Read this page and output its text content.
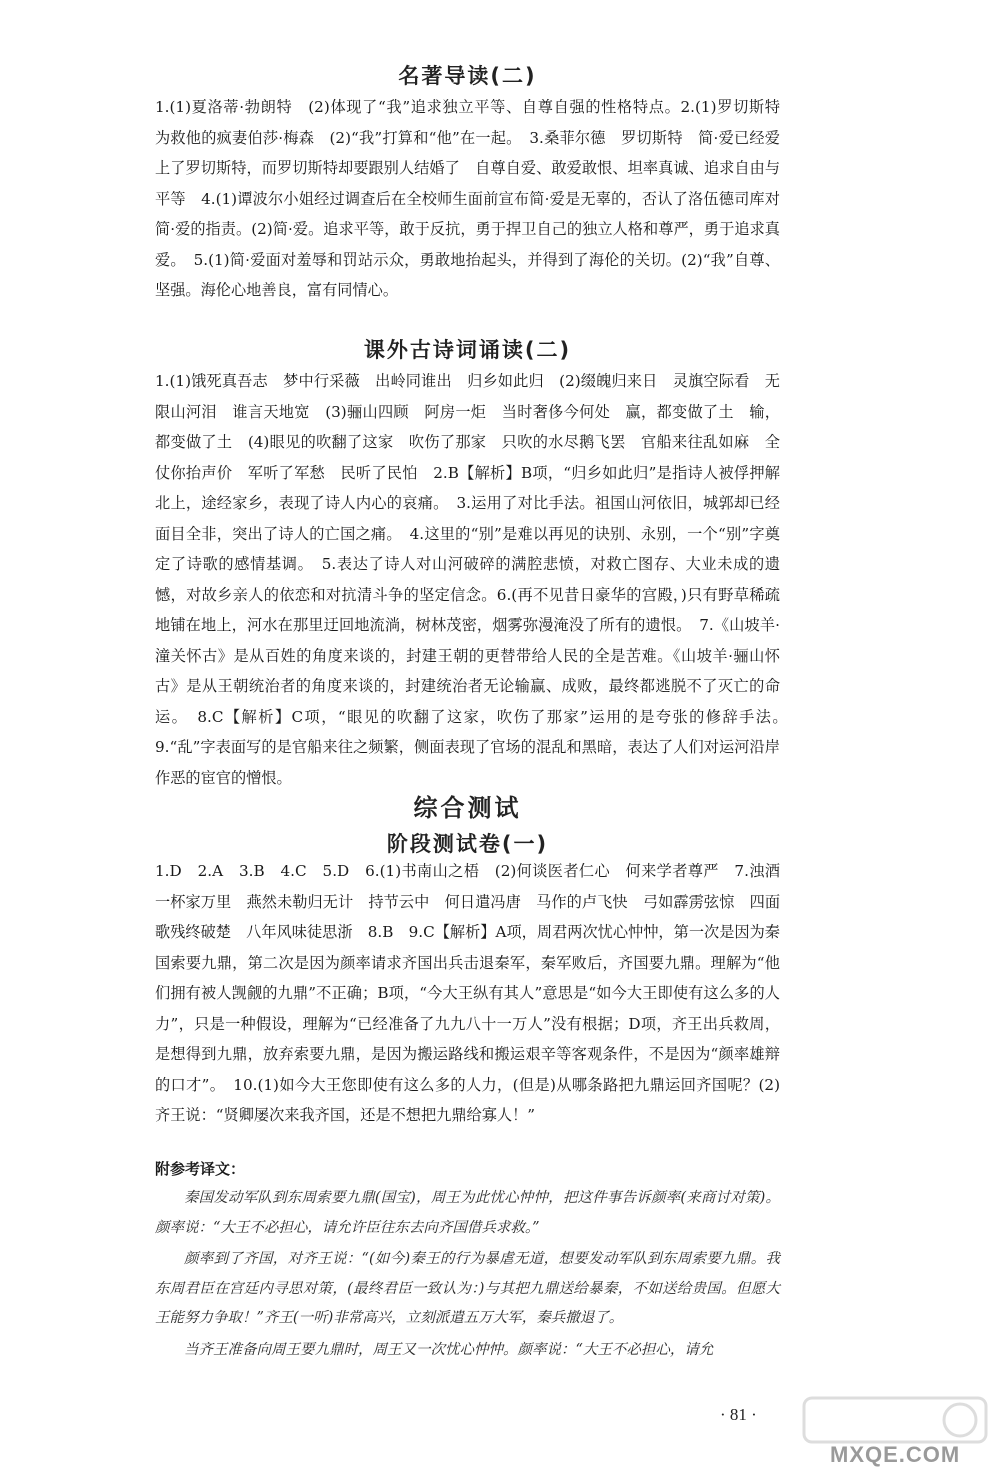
名著导读(二)

1.(1)夏洛蒂·勃朗特　(2)体现了“我”追求独立平等、自尊自强的性格特点。2.(1)罗切斯特　为救他的疯妻伯莎·梅森　(2)“我”打算和“他”在一起。　3.桑菲尔德　罗切斯特　简·爱已经爱上了罗切斯特，而罗切斯特却要跟别人结婚了　自尊自爱、敢爱敢恨、坦率真诚、追求自由与平等　4.(1)谭波尔小姐经过调查后在全校师生面前宣布简·爱是无辜的，否认了洛伍德司库对简·爱的指责。(2)简·爱。追求平等，敢于反抗，勇于捍卫自己的独立人格和尊严，勇于追求真爱。　5.(1)简·爱面对羞辱和罚站示众，勇敢地抬起头，并得到了海伦的关切。(2)“我”自尊、坚强。海伦心地善良，富有同情心。

课外古诗词诵读(二)

1.(1)饿死真吾志　梦中行采薇　出岭同谁出　归乡如此归　(2)缀魄归来日　灵旗空际看　无限山河泪　谁言天地宽　(3)骊山四顾　阿房一炬　当时奢侈今何处　赢，都变做了土　输，都变做了土　(4)眼见的吹翻了这家　吹伤了那家　只吹的水尽鹅飞罢　官船来往乱如麻　全仗你抬声价　军听了军愁　民听了民怕　2.B【解析】B项，“归乡如此归”是指诗人被俘押解北上，途经家乡，表现了诗人内心的哀痛。　3.运用了对比手法。祖国山河依旧，城郭却已经面目全非，突出了诗人的亡国之痛。　4.这里的“别”是难以再见的诀别、永别，一个“别”字奠定了诗歌的感情基调。　5.表达了诗人对山河破碎的满腔悲愤，对救亡图存、大业未成的遗憾，对故乡亲人的依恋和对抗清斗争的坚定信念。6.(再不见昔日豪华的宫殿，)只有野草稀疏地铺在地上，河水在那里迂回地流淌，树林茂密，烟雾弥漫淹没了所有的遗恨。　7.《山坡羊·潼关怀古》是从百姓的角度来谈的，封建王朝的更替带给人民的全是苦难。《山坡羊·骊山怀古》是从王朝统治者的角度来谈的，封建统治者无论输赢、成败，最终都逃脱不了灭亡的命运。　8.C【解析】C项，“眼见的吹翻了这家，吹伤了那家”运用的是夸张的修辞手法。　9.“乱”字表面写的是官船来往之频繁，侧面表现了官场的混乱和黑暗，表达了人们对运河沿岸作恶的宦官的憎恨。

综合测试
阶段测试卷(一)

1.D　2.A　3.B　4.C　5.D　6.(1)书南山之梧　(2)何谈医者仁心　何来学者尊严　7.浊酒一杯家万里　燕然未勒归无计　持节云中　何日遣冯唐　马作的卢飞快　弓如霹雳弦惊　四面歌残终破楚　八年风味徒思浙　8.B　9.C【解析】A项，周君两次忧心忡忡，第一次是因为秦国索要九鼎，第二次是因为颜率请求齐国出兵击退秦军，秦军败后，齐国要九鼎。理解为“他们拥有被人觊觎的九鼎”不正确；B项，“今大王纵有其人”意思是“如今大王即使有这么多的人力”，只是一种假设，理解为“已经准备了九九八十一万人”没有根据；D项，齐王出兵救周，是想得到九鼎，放弃索要九鼎，是因为搬运路线和搬运艰辛等客观条件，不是因为“颜率雄辩的口才”。　10.(1)如今大王您即使有这么多的人力，(但是)从哪条路把九鼎运回齐国呢？(2)齐王说：“贤卿屡次来我齐国，还是不想把九鼎给寡人！”

附参考译文：

秦国发动军队到东周索要九鼎(国宝)，周王为此忧心忡忡，把这件事告诉颜率(来商讨对策)。颜率说：“大王不必担心，请允许臣往东去向齐国借兵求救。”

颜率到了齐国，对齐王说：“(如今)秦王的行为暴虐无道，想要发动军队到东周索要九鼎。我东周君臣在宫廷内寻思对策，(最终君臣一致认为：)与其把九鼎送给暴秦，不如送给贵国。但愿大王能努力争取！”齐王(一听)非常高兴，立刻派遣五万大军，秦兵撤退了。

当齐王准备向周王要九鼎时，周王又一次忧心忡忡。颜率说：“大王不必担心，请允

· 81 ·
MXQE.COM
